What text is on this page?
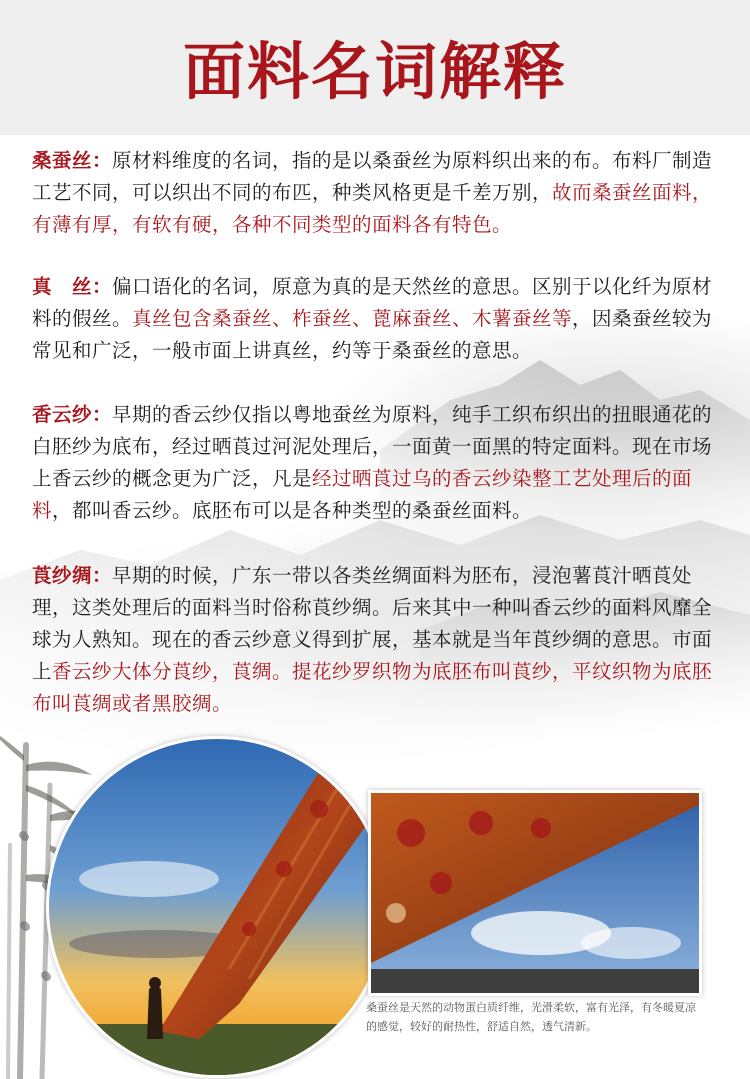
面料名词解释

桑蚕丝：原材料维度的名词，指的是以桑蚕丝为原料织出来的布。布料厂制造工艺不同，可以织出不同的布匹，种类风格更是千差万别，故而桑蚕丝面料，有薄有厚，有软有硬，各种不同类型的面料各有特色。

真　丝：偏口语化的名词，原意为真的是天然丝的意思。区别于以化纤为原材料的假丝。真丝包含桑蚕丝、柞蚕丝、蓖麻蚕丝、木薯蚕丝等，因桑蚕丝较为常见和广泛，一般市面上讲真丝，约等于桑蚕丝的意思。

香云纱：早期的香云纱仅指以粤地蚕丝为原料，纯手工织布织出的扭眼通花的白胚纱为底布，经过晒莨过河泥处理后，一面黄一面黑的特定面料。现在市场上香云纱的概念更为广泛，凡是经过晒莨过乌的香云纱染整工艺处理后的面料，都叫香云纱。底胚布可以是各种类型的桑蚕丝面料。

莨纱绸：早期的时候，广东一带以各类丝绸面料为胚布，浸泡薯莨汁晒莨处理，这类处理后的面料当时俗称莨纱绸。后来其中一种叫香云纱的面料风靡全球为人熟知。现在的香云纱意义得到扩展，基本就是当年莨纱绸的意思。市面上香云纱大体分莨纱，莨绸。提花纱罗织物为底胚布叫莨纱，平纹织物为底胚布叫莨绸或者黑胶绸。

桑蚕丝是天然的动物蛋白质纤维，光滑柔软，富有光泽，有冬暖夏凉的感觉，较好的耐热性，舒适自然，透气清新。
